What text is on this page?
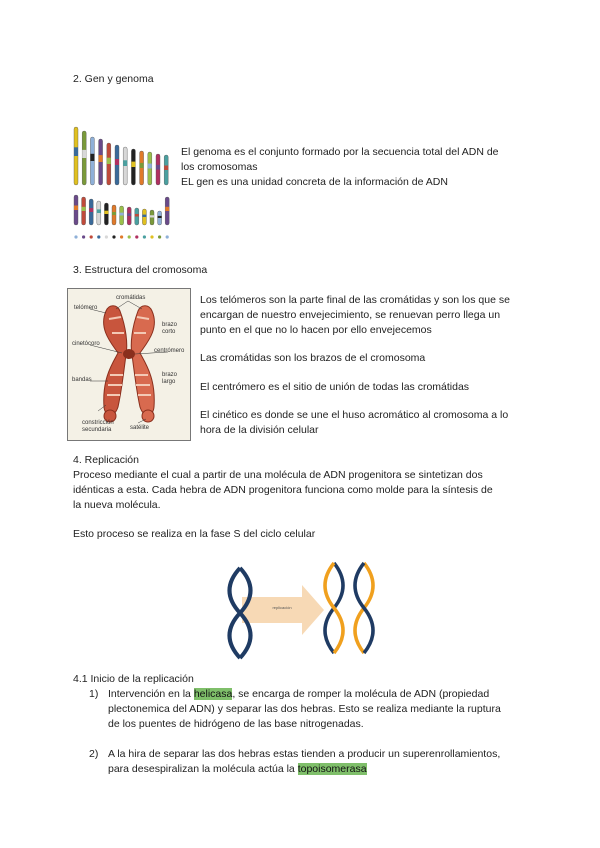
2. Gen y genoma
El genoma es el conjunto formado por la secuencia total del ADN de
los cromosomas
EL gen es una unidad concreta de la información de ADN
3. Estructura del cromosoma
cromátidas
telómero
brazo
corto
cinetócoro
centrómero
bandas
brazo
largo
constricción
secundaria	satélite
Los telómeros son la parte final de las cromátidas y son los que se
encargan de nuestro envejecimiento, se renuevan perro llega un
punto en el que no lo hacen por ello envejecemos
Las cromátidas son los brazos de el cromosoma
El centrómero es el sitio de unión de todas las cromátidas
El cinético es donde se une el huso acromático al cromosoma a lo
hora de la división celular
4. Replicación
Proceso mediante el cual a partir de una molécula de ADN progenitora se sintetizan dos
idénticas a esta. Cada hebra de ADN progenitora funciona como molde para la síntesis de
la nueva molécula.
Esto proceso se realiza en la fase S del ciclo celular
replicación
4.1 Inicio de la replicación
1) Intervención en la helicasa, se encarga de romper la molécula de ADN (propiedad
plectonemica del ADN) y separar las dos hebras. Esto se realiza mediante la ruptura
de los puentes de hidrógeno de las base nitrogenadas.
2) A la hira de separar las dos hebras estas tienden a producir un superenrollamientos,
para desespiralizan la molécula actúa la topoisomerasa
